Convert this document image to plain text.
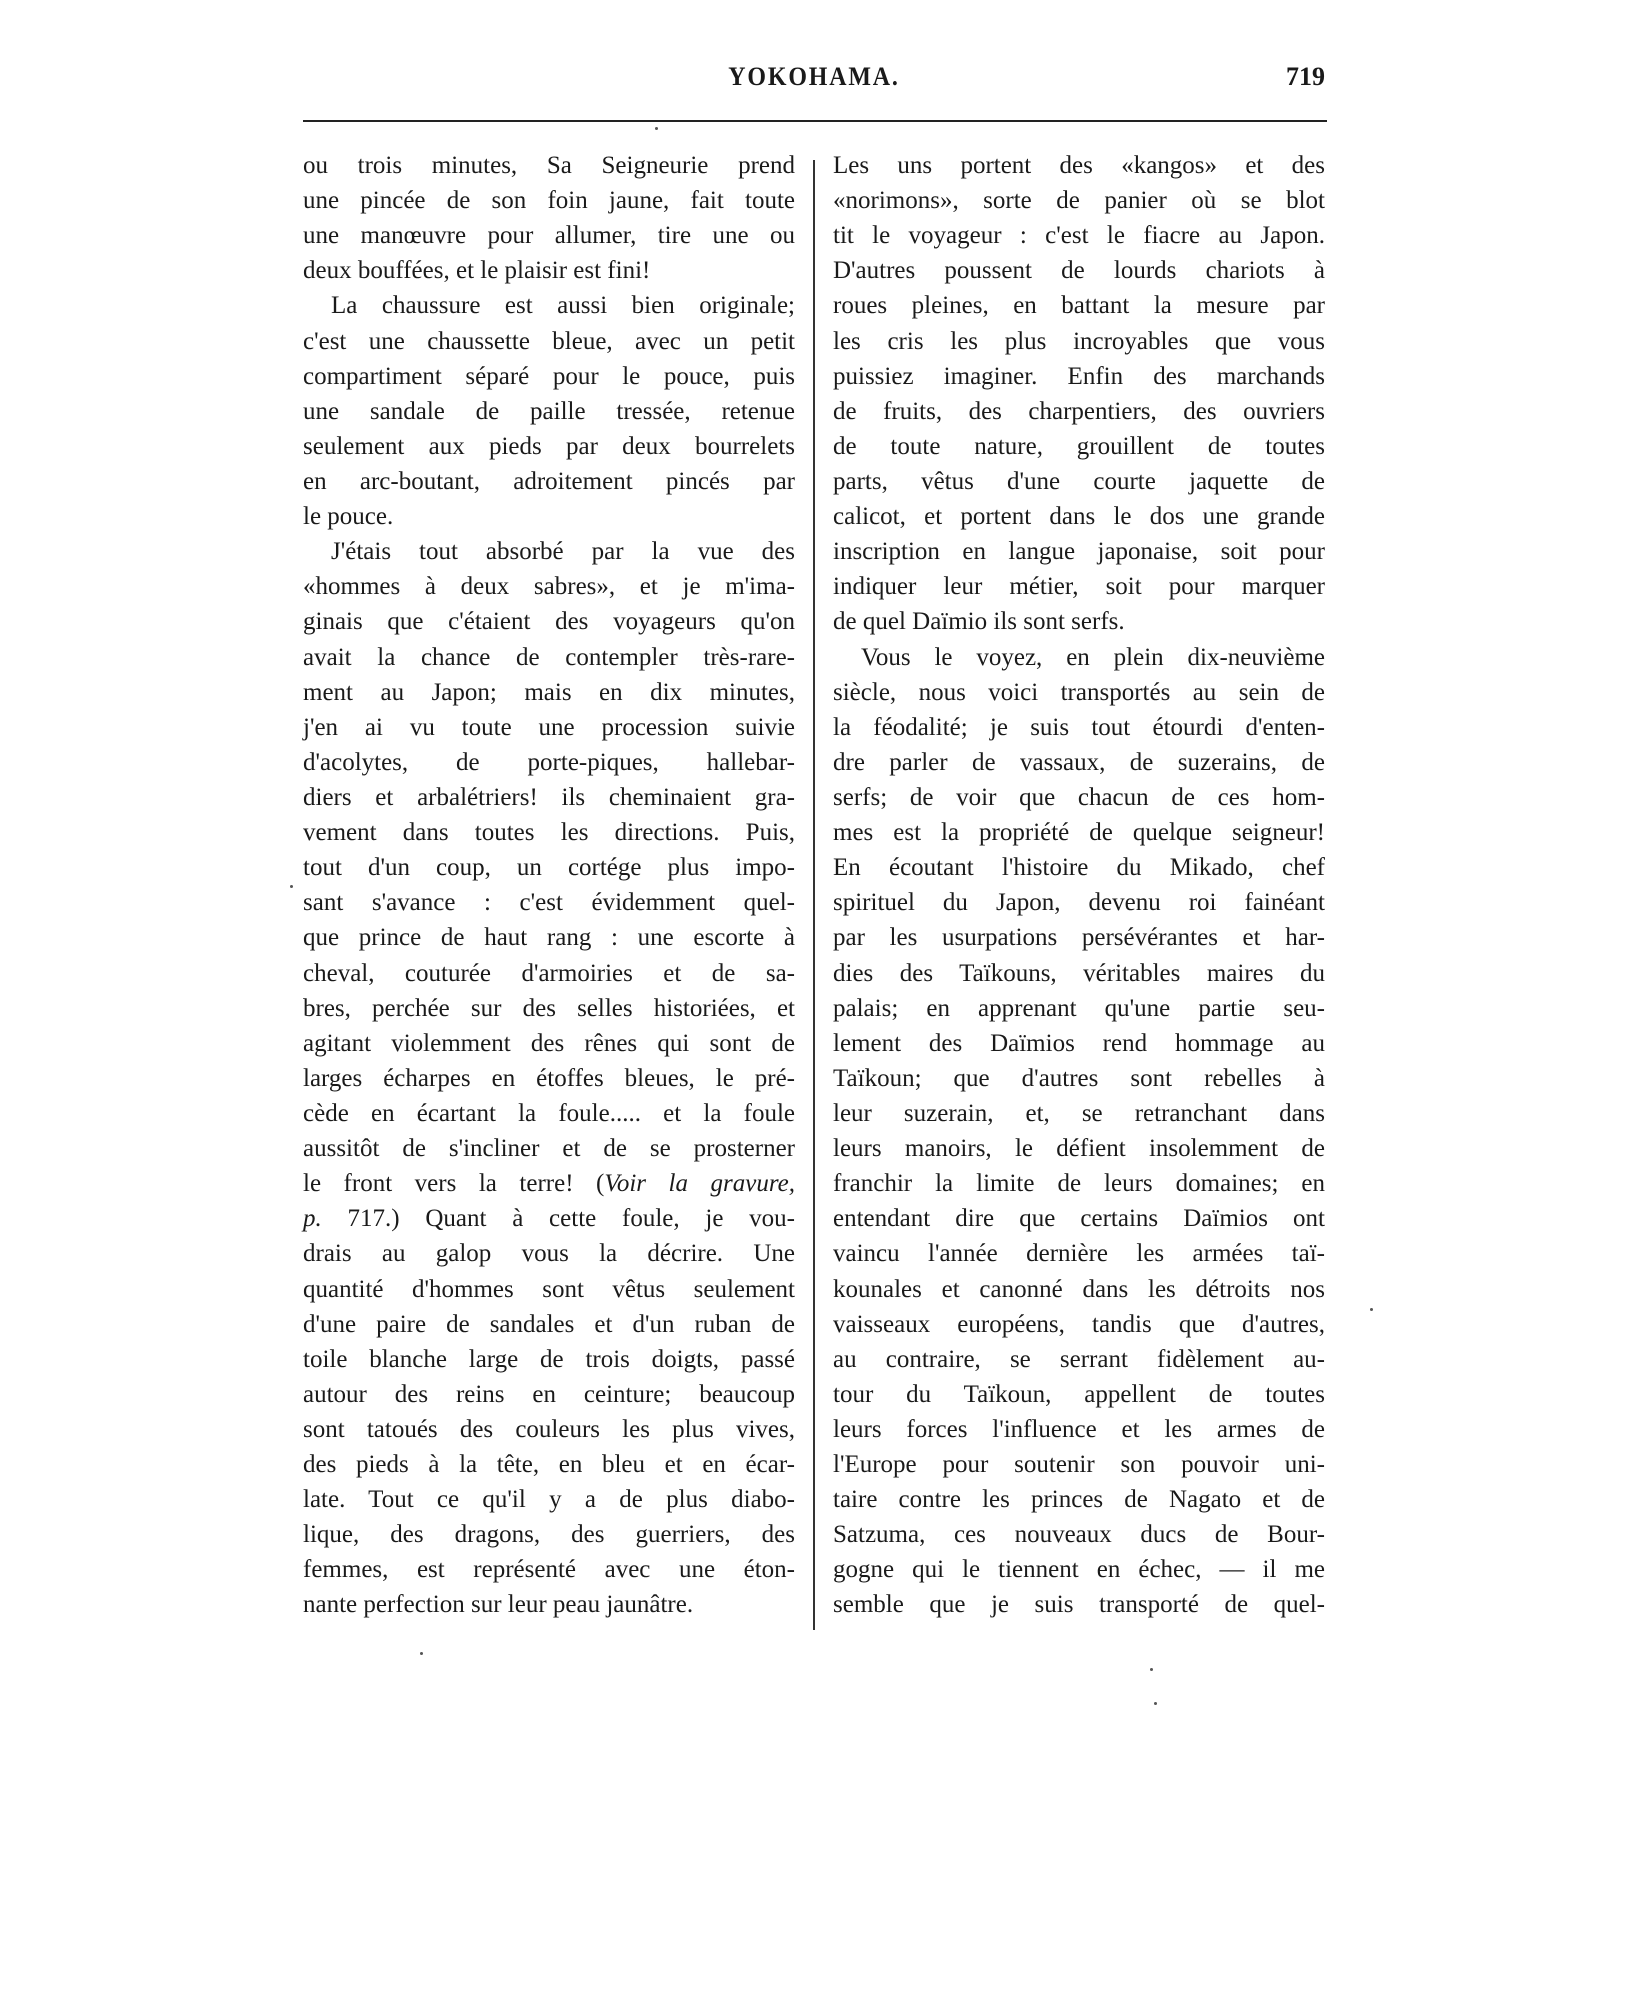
YOKOHAMA.	719
ou trois minutes, Sa Seigneurie prend
une pincée de son foin jaune, fait toute
une manœuvre pour allumer, tire une ou
deux bouffées, et le plaisir est fini!
La chaussure est aussi bien originale;
c'est une chaussette bleue, avec un petit
compartiment séparé pour le pouce, puis
une sandale de paille tressée, retenue
seulement aux pieds par deux bourrelets
en arc-boutant, adroitement pincés par
le pouce.
J'étais tout absorbé par la vue des
«hommes à deux sabres», et je m'ima-
ginais que c'étaient des voyageurs qu'on
avait la chance de contempler très-rare-
ment au Japon; mais en dix minutes,
j'en ai vu toute une procession suivie
d'acolytes, de porte-piques, hallebar-
diers et arbalétriers! ils cheminaient gra-
vement dans toutes les directions. Puis,
tout d'un coup, un cortége plus impo-
sant s'avance : c'est évidemment quel-
que prince de haut rang : une escorte à
cheval, couturée d'armoiries et de sa-
bres, perchée sur des selles historiées, et
agitant violemment des rênes qui sont de
larges écharpes en étoffes bleues, le pré-
cède en écartant la foule..... et la foule
aussitôt de s'incliner et de se prosterner
le front vers la terre! (Voir la gravure,
p. 717.) Quant à cette foule, je vou-
drais au galop vous la décrire. Une
quantité d'hommes sont vêtus seulement
d'une paire de sandales et d'un ruban de
toile blanche large de trois doigts, passé
autour des reins en ceinture; beaucoup
sont tatoués des couleurs les plus vives,
des pieds à la tête, en bleu et en écar-
late. Tout ce qu'il y a de plus diabo-
lique, des dragons, des guerriers, des
femmes, est représenté avec une éton-
nante perfection sur leur peau jaunâtre.
Les uns portent des «kangos» et des
«norimons», sorte de panier où se blot
tit le voyageur : c'est le fiacre au Japon.
D'autres poussent de lourds chariots à
roues pleines, en battant la mesure par
les cris les plus incroyables que vous
puissiez imaginer. Enfin des marchands
de fruits, des charpentiers, des ouvriers
de toute nature, grouillent de toutes
parts, vêtus d'une courte jaquette de
calicot, et portent dans le dos une grande
inscription en langue japonaise, soit pour
indiquer leur métier, soit pour marquer
de quel Daïmio ils sont serfs.
Vous le voyez, en plein dix-neuvième
siècle, nous voici transportés au sein de
la féodalité; je suis tout étourdi d'enten-
dre parler de vassaux, de suzerains, de
serfs; de voir que chacun de ces hom-
mes est la propriété de quelque seigneur!
En écoutant l'histoire du Mikado, chef
spirituel du Japon, devenu roi fainéant
par les usurpations persévérantes et har-
dies des Taïkouns, véritables maires du
palais; en apprenant qu'une partie seu-
lement des Daïmios rend hommage au
Taïkoun; que d'autres sont rebelles à
leur suzerain, et, se retranchant dans
leurs manoirs, le défient insolemment de
franchir la limite de leurs domaines; en
entendant dire que certains Daïmios ont
vaincu l'année dernière les armées taï-
kounales et canonné dans les détroits nos
vaisseaux européens, tandis que d'autres,
au contraire, se serrant fidèlement au-
tour du Taïkoun, appellent de toutes
leurs forces l'influence et les armes de
l'Europe pour soutenir son pouvoir uni-
taire contre les princes de Nagato et de
Satzuma, ces nouveaux ducs de Bour-
gogne qui le tiennent en échec, — il me
semble que je suis transporté de quel-
